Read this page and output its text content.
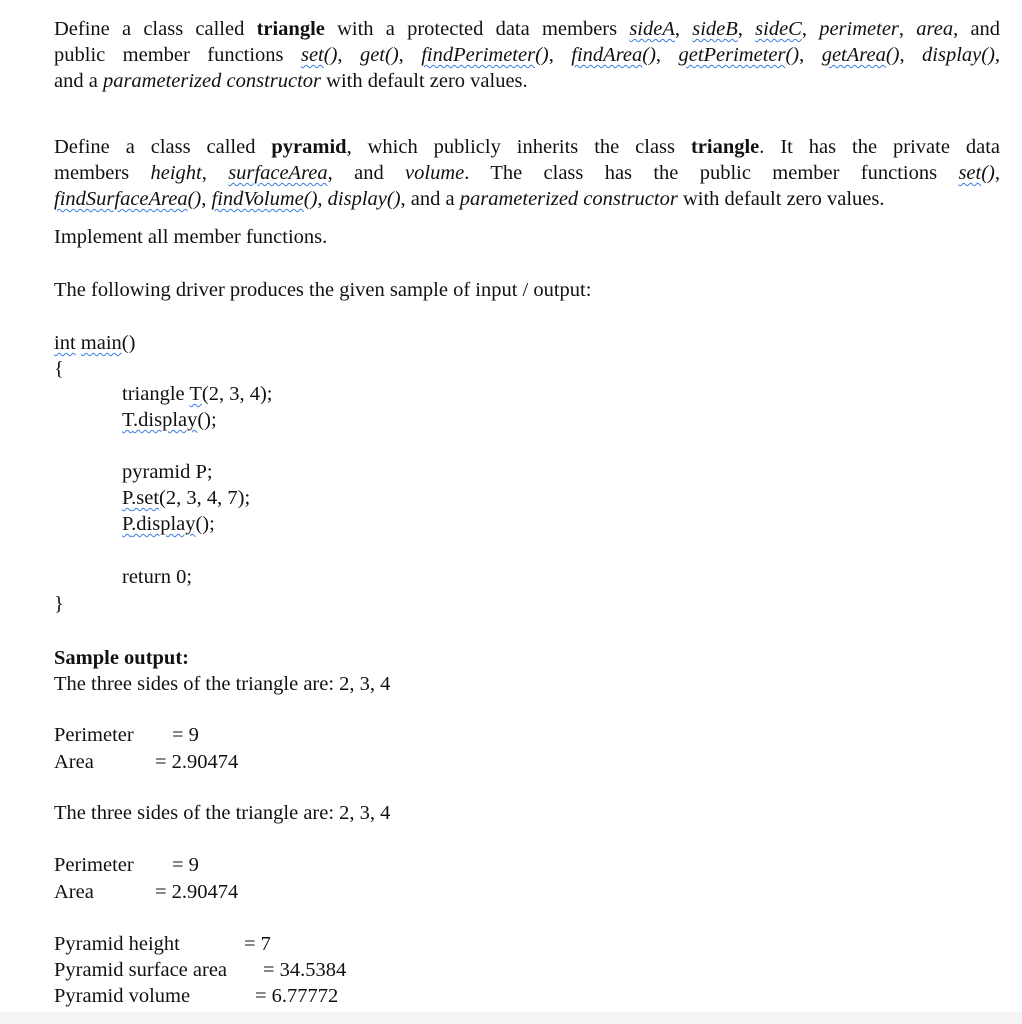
Define a class called triangle with a protected data members sideA, sideB, sideC, perimeter, area, and
public member functions set(), get(), findPerimeter(), findArea(), getPerimeter(), getArea(), display(),
and a parameterized constructor with default zero values.
Define a class called pyramid, which publicly inherits the class triangle. It has the private data
members height, surfaceArea, and volume. The class has the public member functions set(),
findSurfaceArea(), findVolume(), display(), and a parameterized constructor with default zero values.
Implement all member functions.
The following driver produces the given sample of input / output:
int main()
{
triangle T(2, 3, 4);
T.display();
pyramid P;
P.set(2, 3, 4, 7);
P.display();
return 0;
}
Sample output:
The three sides of the triangle are: 2, 3, 4
Perimeter = 9
Area	= 2.90474
The three sides of the triangle are: 2, 3, 4
Perimeter = 9
Area	= 2.90474
Pyramid height	= 7
Pyramid surface area = 34.5384
Pyramid volume	= 6.77772
